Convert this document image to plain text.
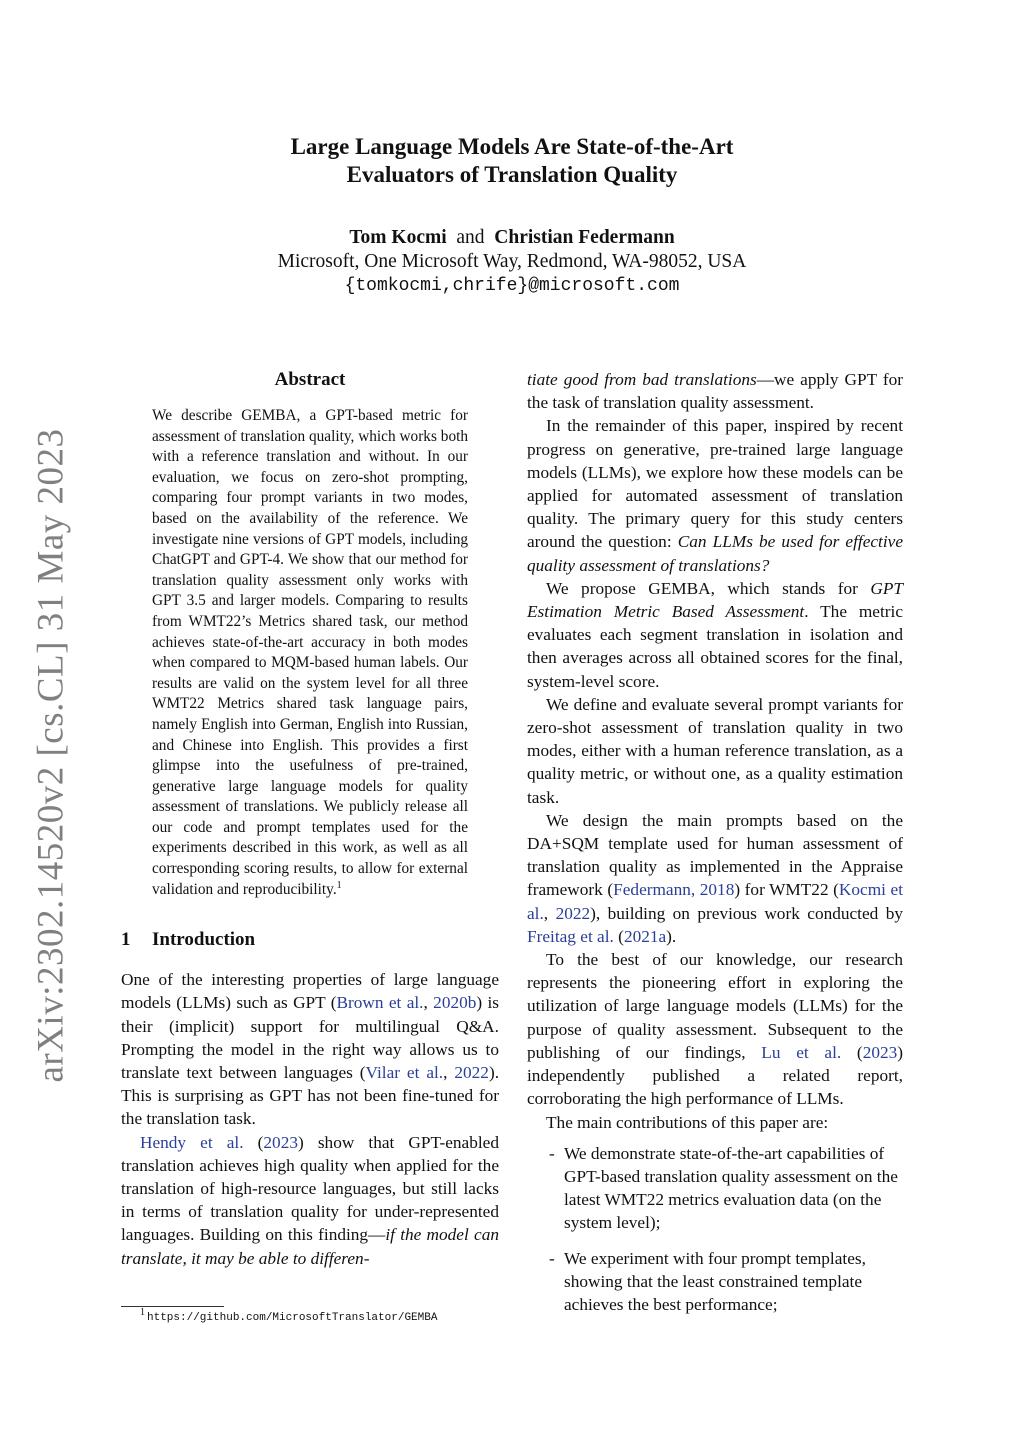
arXiv:2302.14520v2 [cs.CL] 31 May 2023
Large Language Models Are State-of-the-Art
Evaluators of Translation Quality
Tom Kocmi and Christian Federmann
Microsoft, One Microsoft Way, Redmond, WA-98052, USA
{tomkocmi,chrife}@microsoft.com
Abstract
We describe GEMBA, a GPT-based metric for assessment of translation quality, which works both with a reference translation and without. In our evaluation, we focus on zero-shot prompting, comparing four prompt variants in two modes, based on the availability of the reference. We investigate nine versions of GPT models, including ChatGPT and GPT-4. We show that our method for translation quality assessment only works with GPT 3.5 and larger models. Comparing to results from WMT22’s Metrics shared task, our method achieves state-of-the-art accuracy in both modes when compared to MQM-based human labels. Our results are valid on the system level for all three WMT22 Metrics shared task language pairs, namely English into German, English into Russian, and Chinese into English. This provides a first glimpse into the usefulness of pre-trained, generative large language models for quality assessment of translations. We publicly release all our code and prompt templates used for the experiments described in this work, as well as all corresponding scoring results, to allow for external validation and reproducibility.$^1$
1 Introduction

One of the interesting properties of large language models (LLMs) such as GPT (Brown et al., 2020b) is their (implicit) support for multilingual Q&A. Prompting the model in the right way allows us to translate text between languages (Vilar et al., 2022). This is surprising as GPT has not been fine-tuned for the translation task.

Hendy et al. (2023) show that GPT-enabled translation achieves high quality when applied for the translation of high-resource languages, but still lacks in terms of translation quality for under-represented languages. Building on this finding—if the model can translate, it may be able to differen-

tiate good from bad translations—we apply GPT for the task of translation quality assessment.

In the remainder of this paper, inspired by recent progress on generative, pre-trained large language models (LLMs), we explore how these models can be applied for automated assessment of translation quality. The primary query for this study centers around the question: Can LLMs be used for effective quality assessment of translations?

We propose GEMBA, which stands for GPT Estimation Metric Based Assessment. The metric evaluates each segment translation in isolation and then averages across all obtained scores for the final, system-level score.

We define and evaluate several prompt variants for zero-shot assessment of translation quality in two modes, either with a human reference translation, as a quality metric, or without one, as a quality estimation task.

We design the main prompts based on the DA+SQM template used for human assessment of translation quality as implemented in the Appraise framework (Federmann, 2018) for WMT22 (Kocmi et al., 2022), building on previous work conducted by Freitag et al. (2021a).

To the best of our knowledge, our research represents the pioneering effort in exploring the utilization of large language models (LLMs) for the purpose of quality assessment. Subsequent to the publishing of our findings, Lu et al. (2023) independently published a related report, corroborating the high performance of LLMs.

The main contributions of this paper are:

- We demonstrate state-of-the-art capabilities of GPT-based translation quality assessment on the latest WMT22 metrics evaluation data (on the system level);
- We experiment with four prompt templates, showing that the least constrained template achieves the best performance;
$^1$ https://github.com/MicrosoftTranslator/GEMBA
